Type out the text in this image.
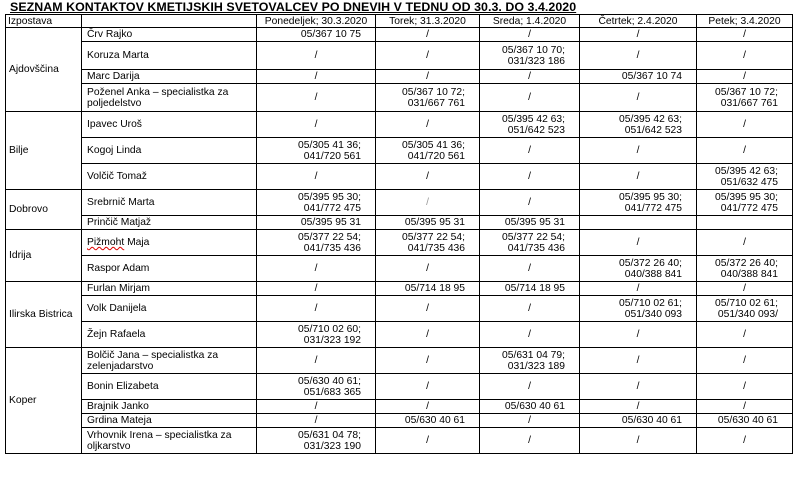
SEZNAM KONTAKTOV KMETIJSKIH SVETOVALCEV PO DNEVIH V TEDNU OD 30.3. DO 3.4.2020
Izpostava		Ponedeljek; 30.3.2020	Torek; 31.3.2020	Sreda; 1.4.2020	Četrtek; 2.4.2020	Petek; 3.4.2020
Ajdovščina	Črv Rajko	05/367 10 75	/	/	/	/
	Koruza Marta	/	/	05/367 10 70;
031/323 186	/	/
	Marc Darija	/	/	/	05/367 10 74	/
	Poženel Anka – specialistka za poljedelstvo	/	05/367 10 72;
031/667 761	/	/	05/367 10 72;
031/667 761
Bilje	Ipavec Uroš	/	/	05/395 42 63;
051/642 523	05/395 42 63;
051/642 523	/
	Kogoj Linda	05/305 41 36;
041/720 561	05/305 41 36;
041/720 561	/	/	/
	Volčič Tomaž	/	/	/	/	05/395 42 63;
051/632 475
Dobrovo	Srebrnič Marta	05/395 95 30;
041/772 475	/	/	05/395 95 30;
041/772 475	05/395 95 30;
041/772 475
	Prinčič Matjaž	05/395 95 31	05/395 95 31	05/395 95 31		
Idrija	Pižmoht Maja	05/377 22 54;
041/735 436	05/377 22 54;
041/735 436	05/377 22 54;
041/735 436	/	/
	Raspor Adam	/	/	/	05/372 26 40;
040/388 841	05/372 26 40;
040/388 841
Ilirska Bistrica	Furlan Mirjam	/	05/714 18 95	05/714 18 95	/	/
	Volk Danijela	/	/	/	05/710 02 61;
051/340 093	05/710 02 61;
051/340 093/
	Žejn Rafaela	05/710 02 60;
031/323 192	/	/	/	/
Koper	Bolčič Jana – specialistka za zelenjadarstvo	/	/	05/631 04 79;
031/323 189	/	/
	Bonin Elizabeta	05/630 40 61;
051/683 365	/	/	/	/
	Brajnik Janko	/	/	05/630 40 61	/	/
	Grdina Mateja	/	05/630 40 61	/	05/630 40 61	05/630 40 61
	Vrhovnik Irena – specialistka za oljkarstvo	05/631 04 78;
031/323 190	/	/	/	/
